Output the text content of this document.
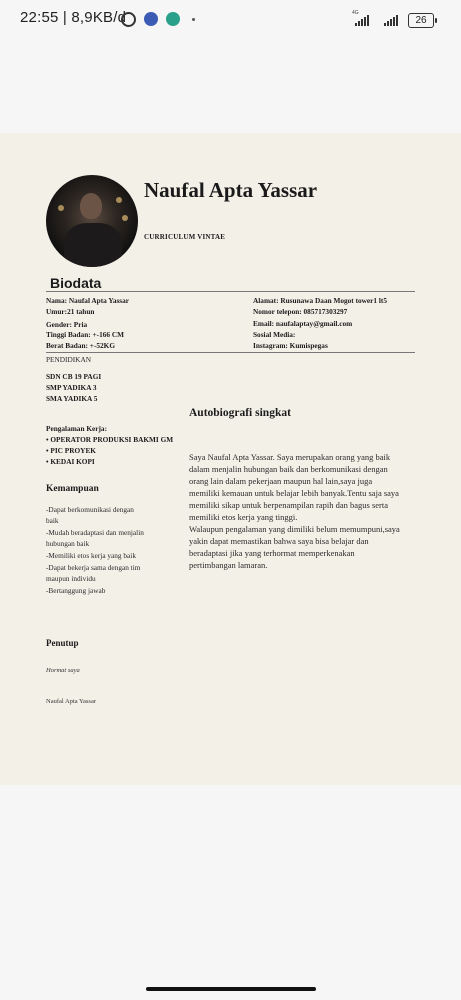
22:55 | 8,9KB/d	4G
26
Naufal Apta Yassar
CURRICULUM VINTAE
Biodata
Nama: Naufal Apta Yassar
Umur:21 tahun
Gender: Pria
Tinggi Badan: +-166 CM
Berat Badan: +-52KG
Alamat: Rusunawa Daan Mogot tower1 lt5
Nomor telepon: 085717303297
Email: naufalaptay@gmail.com
Sosial Media:
Instagram: Kumispegas
PENDIDIKAN
SDN CB 19 PAGI
SMP YADIKA 3
SMA YADIKA 5
Pengalaman Kerja:
• OPERATOR PRODUKSI BAKMI GM
• PIC PROYEK
• KEDAI KOPI
Kemampuan
-Dapat berkomunikasi dengan
baik
-Mudah beradaptasi dan menjalin
hubungan baik
-Memiliki etos kerja yang baik
-Dapat bekerja sama dengan tim
maupun individu
-Bertanggung jawab
Autobiografi singkat
Saya Naufal Apta Yassar. Saya merupakan orang yang baik
dalam menjalin hubungan baik dan berkomunikasi dengan
orang lain dalam pekerjaan maupun hal lain,saya juga
memiliki kemauan untuk belajar lebih banyak.Tentu saja saya
memiliki sikap untuk berpenampilan rapih dan bagus serta
memiliki etos kerja yang tinggi.
Walaupun pengalaman yang dimiliki belum memumpuni,saya
yakin dapat memastikan bahwa saya bisa belajar dan
beradaptasi jika yang terhormat memperkenakan
pertimbangan lamaran.
Penutup
Hormat saya
Naufal Apta Yassar
